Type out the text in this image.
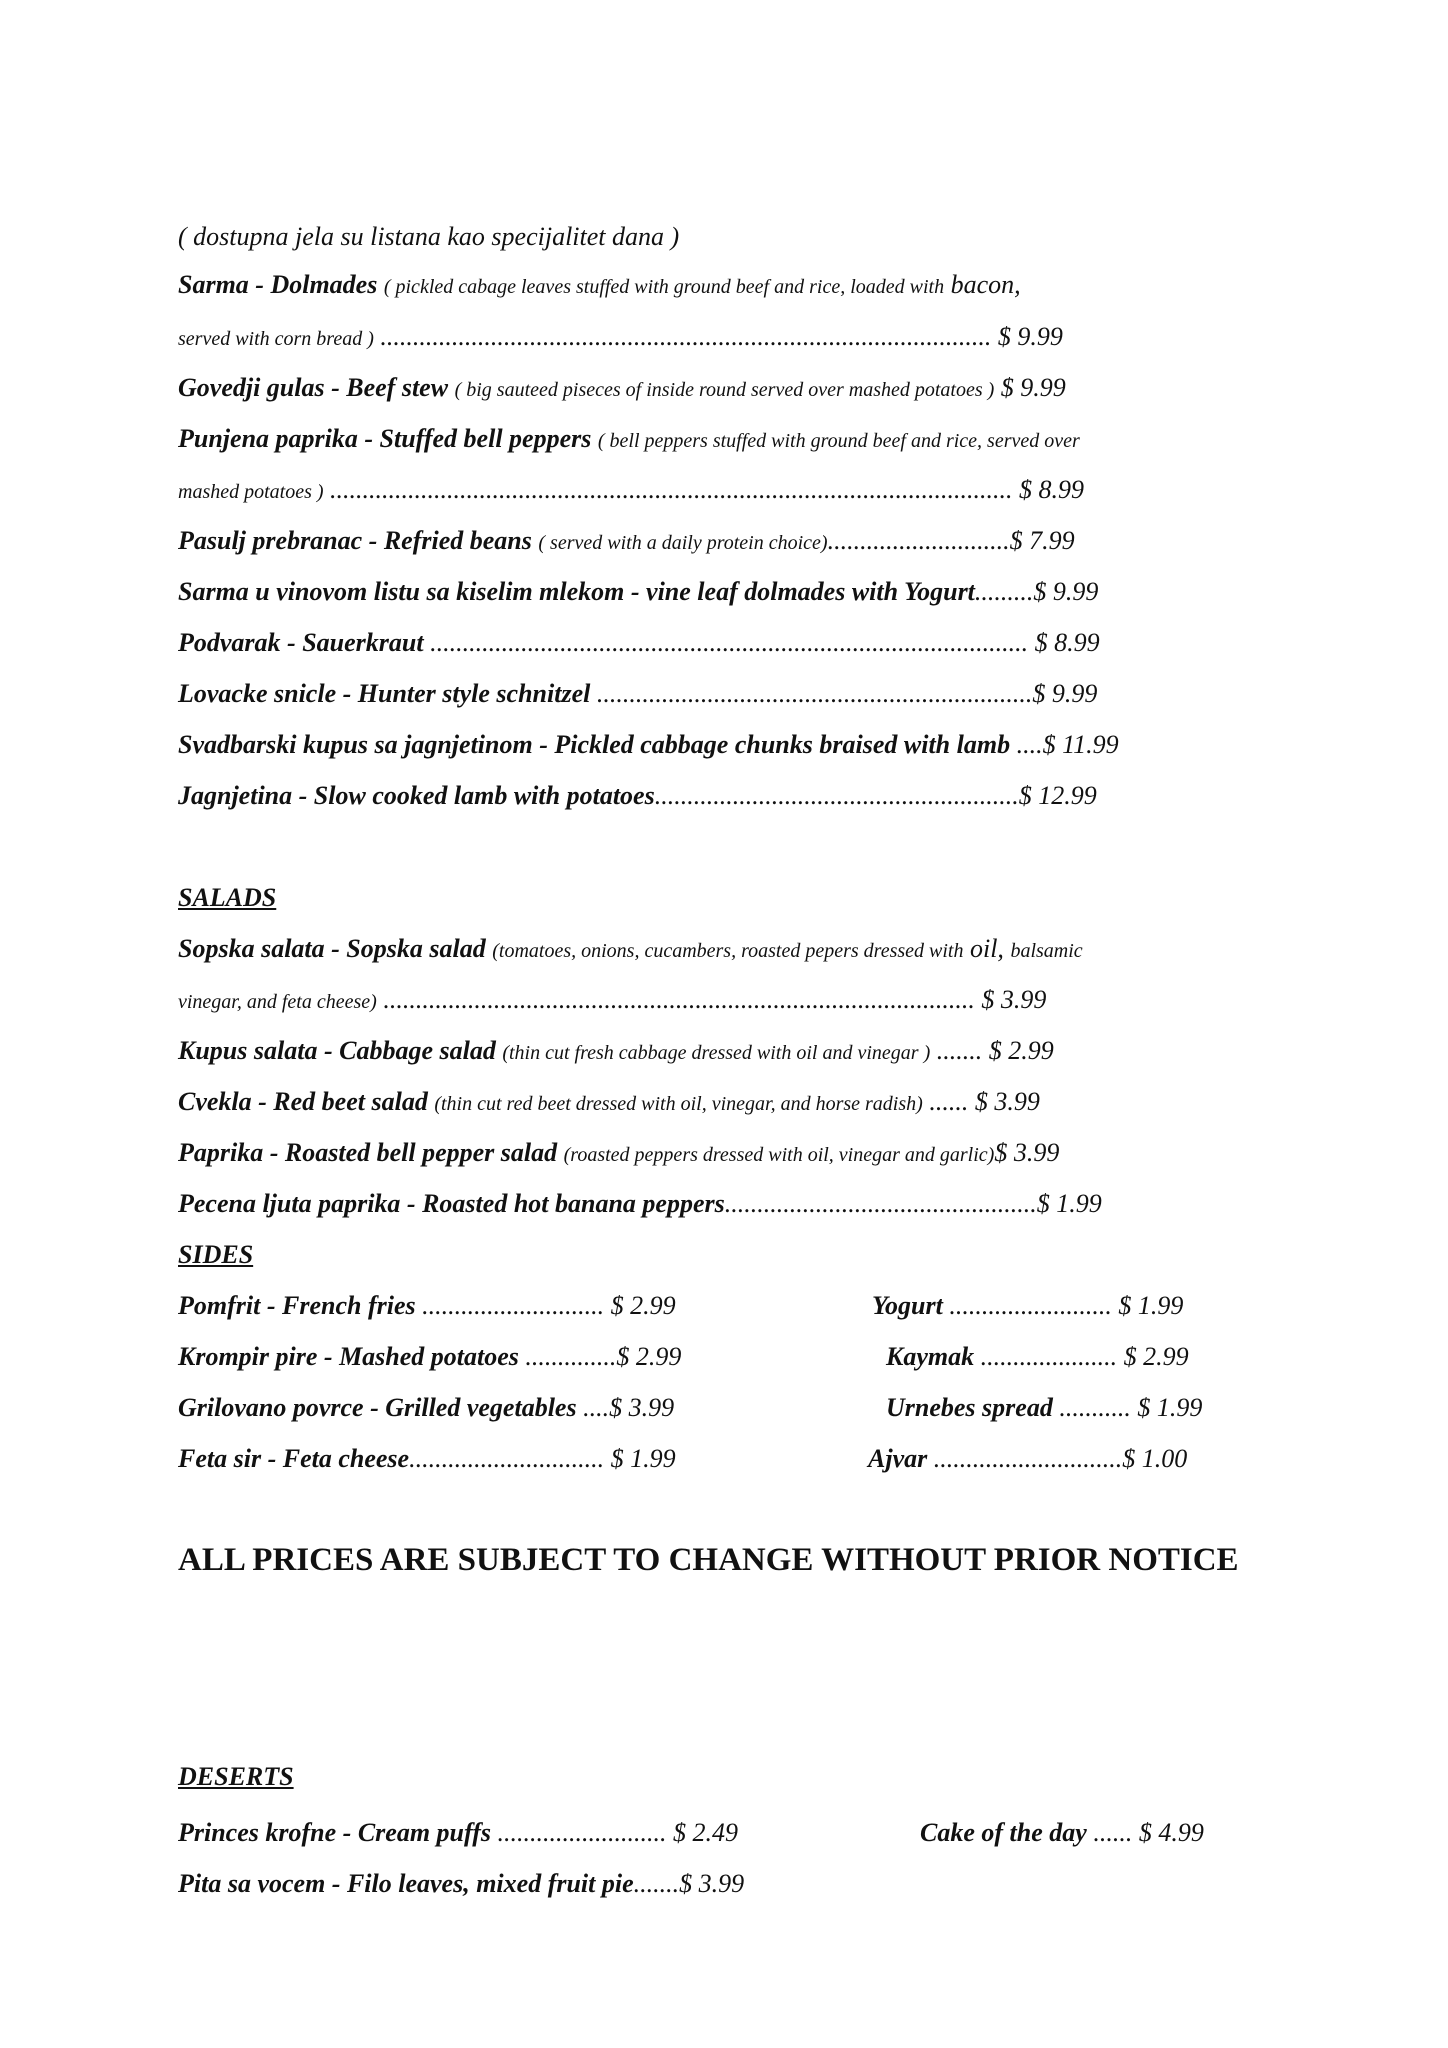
( dostupna jela su listana kao specijalitet dana )
Sarma - Dolmades ( pickled cabage leaves stuffed with ground beef and rice, loaded with bacon,
served with corn bread ) .............................................................................................. $ 9.99
Govedji gulas - Beef stew ( big sauteed piseces of inside round served over mashed potatoes ) $ 9.99
Punjena paprika - Stuffed bell peppers ( bell peppers stuffed with ground beef and rice, served over
mashed potatoes ) ......................................................................................................... $ 8.99
Pasulj prebranac - Refried beans ( served with a daily protein choice)............................$ 7.99
Sarma u vinovom listu sa kiselim mlekom - vine leaf dolmades with Yogurt.........$ 9.99
Podvarak - Sauerkraut ............................................................................................ $ 8.99
Lovacke snicle - Hunter style schnitzel ...................................................................$ 9.99
Svadbarski kupus sa jagnjetinom - Pickled cabbage chunks braised with lamb ....$ 11.99
Jagnjetina - Slow cooked lamb with potatoes........................................................$ 12.99
SALADS
Sopska salata - Sopska salad (tomatoes, onions, cucambers, roasted pepers dressed with oil, balsamic
vinegar, and feta cheese) ........................................................................................... $ 3.99
Kupus salata - Cabbage salad (thin cut fresh cabbage dressed with oil and vinegar ) ....... $ 2.99
Cvekla - Red beet salad (thin cut red beet dressed with oil, vinegar, and horse radish) ...... $ 3.99
Paprika - Roasted bell pepper salad (roasted peppers dressed with oil, vinegar and garlic)$ 3.99
Pecena ljuta paprika - Roasted hot banana peppers................................................$ 1.99
SIDES
Pomfrit - French fries ............................ $ 2.99
Krompir pire - Mashed potatoes ..............$ 2.99
Grilovano povrce - Grilled vegetables ....$ 3.99
Feta sir - Feta cheese.............................. $ 1.99
Yogurt ......................... $ 1.99
Kaymak ..................... $ 2.99
Urnebes spread ........... $ 1.99
Ajvar .............................$ 1.00
ALL PRICES ARE SUBJECT TO CHANGE WITHOUT PRIOR NOTICE
DESERTS
Princes krofne - Cream puffs .......................... $ 2.49
Pita sa vocem - Filo leaves, mixed fruit pie.......$ 3.99
Cake of the day ...... $ 4.99
